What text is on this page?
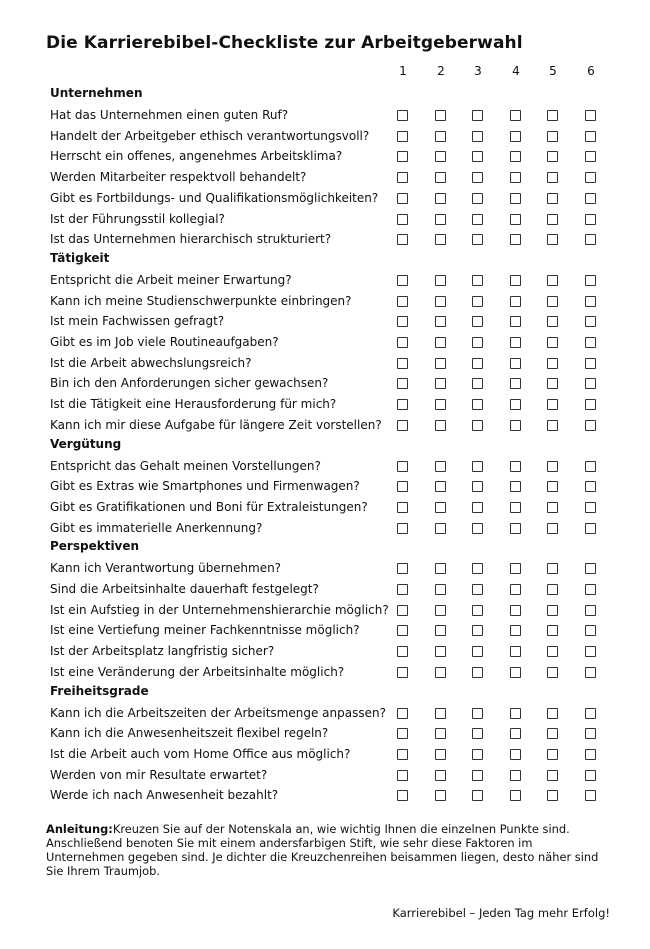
Die Karrierebibel-Checkliste zur Arbeitgeberwahl
1	2	3	4	5	6
Unternehmen
Hat das Unternehmen einen guten Ruf?
Handelt der Arbeitgeber ethisch verantwortungsvoll?
Herrscht ein offenes, angenehmes Arbeitsklima?
Werden Mitarbeiter respektvoll behandelt?
Gibt es Fortbildungs- und Qualifikationsmöglichkeiten?
Ist der Führungsstil kollegial?
Ist das Unternehmen hierarchisch strukturiert?
Tätigkeit
Entspricht die Arbeit meiner Erwartung?
Kann ich meine Studienschwerpunkte einbringen?
Ist mein Fachwissen gefragt?
Gibt es im Job viele Routineaufgaben?
Ist die Arbeit abwechslungsreich?
Bin ich den Anforderungen sicher gewachsen?
Ist die Tätigkeit eine Herausforderung für mich?
Kann ich mir diese Aufgabe für längere Zeit vorstellen?
Vergütung
Entspricht das Gehalt meinen Vorstellungen?
Gibt es Extras wie Smartphones und Firmenwagen?
Gibt es Gratifikationen und Boni für Extraleistungen?
Gibt es immaterielle Anerkennung?
Perspektiven
Kann ich Verantwortung übernehmen?
Sind die Arbeitsinhalte dauerhaft festgelegt?
Ist ein Aufstieg in der Unternehmenshierarchie möglich?
Ist eine Vertiefung meiner Fachkenntnisse möglich?
Ist der Arbeitsplatz langfristig sicher?
Ist eine Veränderung der Arbeitsinhalte möglich?
Freiheitsgrade
Kann ich die Arbeitszeiten der Arbeitsmenge anpassen?
Kann ich die Anwesenheitszeit flexibel regeln?
Ist die Arbeit auch vom Home Office aus möglich?
Werden von mir Resultate erwartet?
Werde ich nach Anwesenheit bezahlt?
Anleitung:Kreuzen Sie auf der Notenskala an, wie wichtig Ihnen die einzelnen Punkte sind. Anschließend benoten Sie mit einem andersfarbigen Stift, wie sehr diese Faktoren im Unternehmen gegeben sind. Je dichter die Kreuzchenreihen beisammen liegen, desto näher sind Sie Ihrem Traumjob.
Karrierebibel – Jeden Tag mehr Erfolg!
